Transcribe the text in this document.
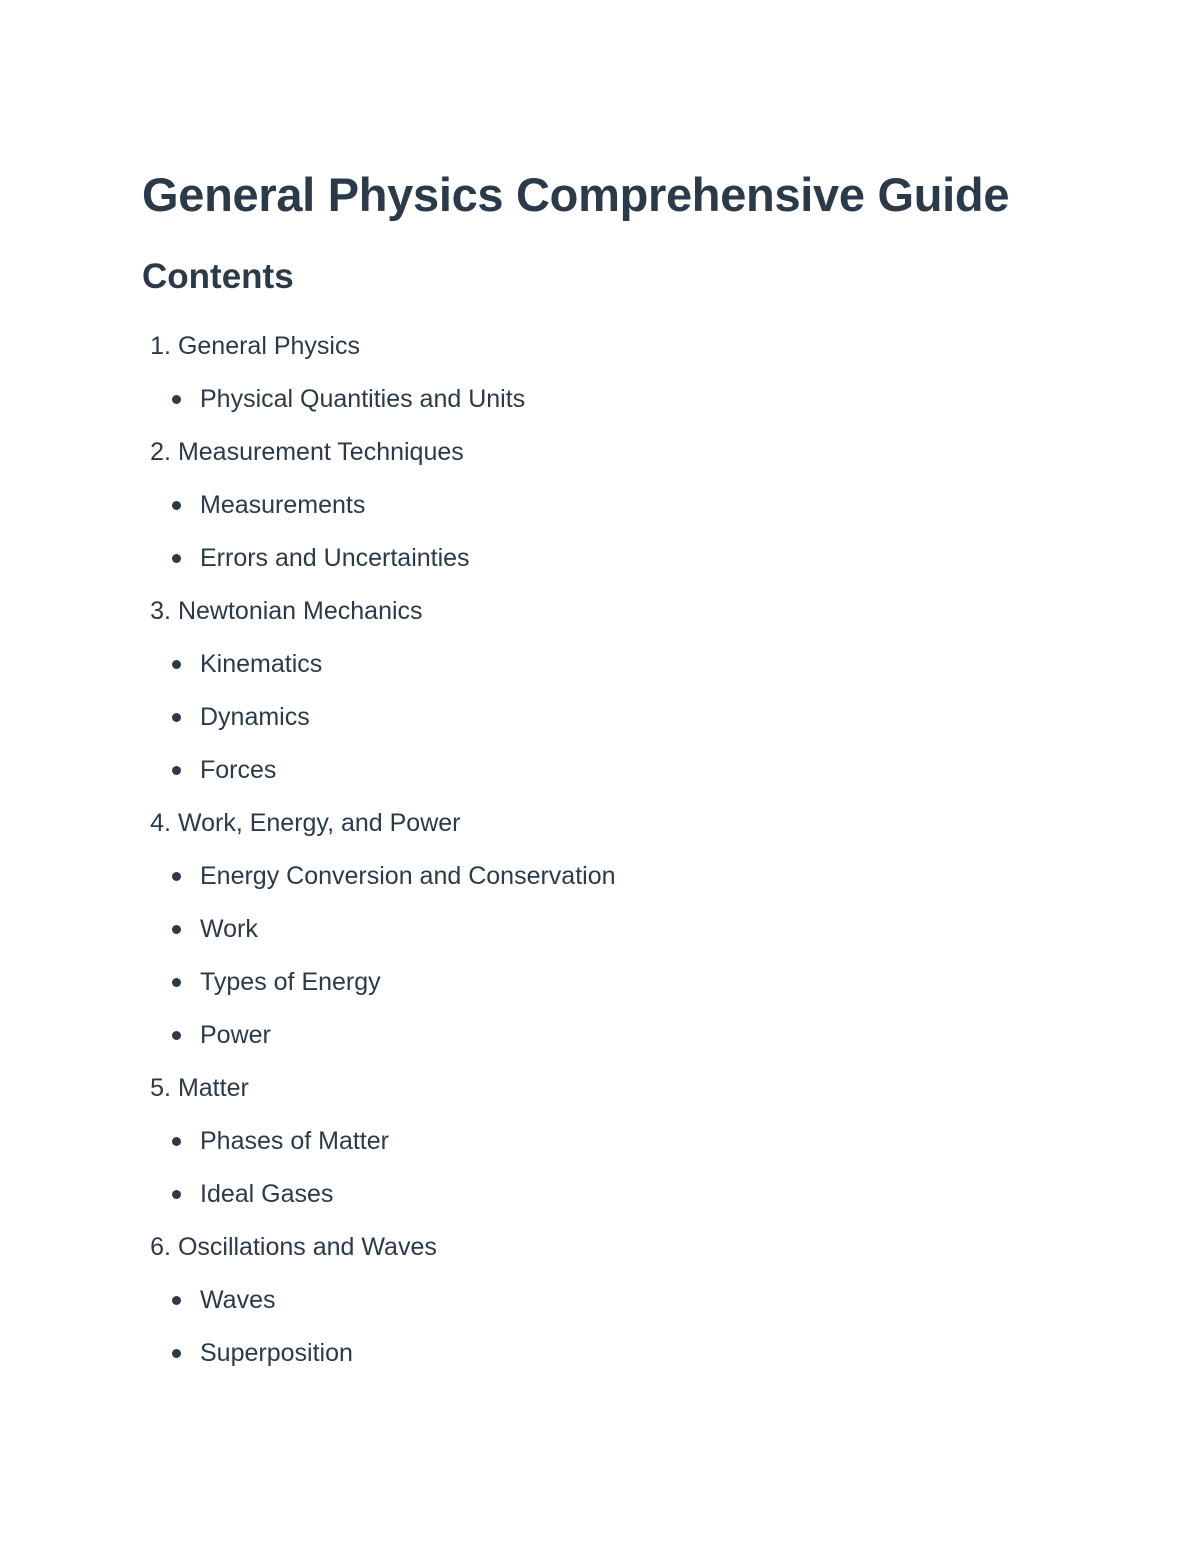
General Physics Comprehensive Guide
Contents
1. General Physics
Physical Quantities and Units
2. Measurement Techniques
Measurements
Errors and Uncertainties
3. Newtonian Mechanics
Kinematics
Dynamics
Forces
4. Work, Energy, and Power
Energy Conversion and Conservation
Work
Types of Energy
Power
5. Matter
Phases of Matter
Ideal Gases
6. Oscillations and Waves
Waves
Superposition
